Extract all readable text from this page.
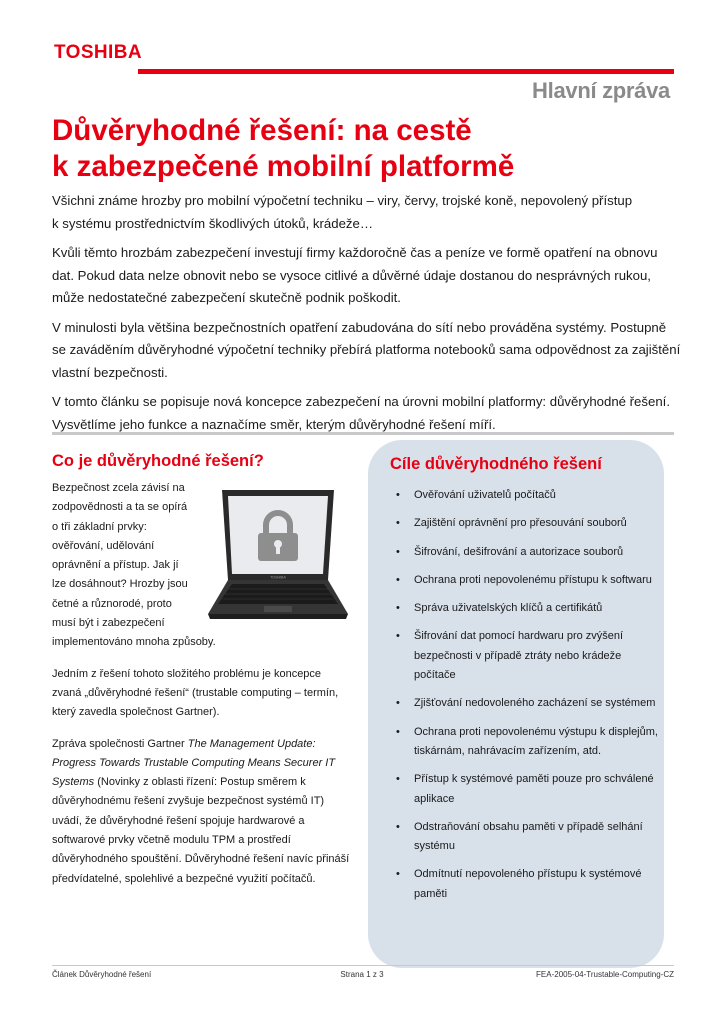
TOSHIBA
Hlavní zpráva
Důvěryhodné řešení: na cestě
k zabezpečené mobilní platformě

Všichni známe hrozby pro mobilní výpočetní techniku – viry, červy, trojské koně, nepovolený přístup
k systému prostřednictvím škodlivých útoků, krádeže…

Kvůli těmto hrozbám zabezpečení investují firmy každoročně čas a peníze ve formě opatření na obnovu dat. Pokud data nelze obnovit nebo se vysoce citlivé a důvěrné údaje dostanou do nesprávných rukou, může nedostatečné zabezpečení skutečně podnik poškodit.

V minulosti byla většina bezpečnostních opatření zabudována do sítí nebo prováděna systémy. Postupně se zaváděním důvěryhodné výpočetní techniky přebírá platforma notebooků sama odpovědnost za zajištění vlastní bezpečnosti.

V tomto článku se popisuje nová koncepce zabezpečení na úrovni mobilní platformy: důvěryhodné řešení. Vysvětlíme jeho funkce a naznačíme směr, kterým důvěryhodné řešení míří.

Co je důvěryhodné řešení?

Bezpečnost zcela závisí na zodpovědnosti a ta se opírá o tři základní prvky: ověřování, udělování oprávnění a přístup. Jak jí lze dosáhnout? Hrozby jsou četné a různorodé, proto musí být i zabezpečení

implementováno mnoha způsoby.

Jedním z řešení tohoto složitého problému je koncepce zvaná „důvěryhodné řešení“ (trustable computing – termín, který zavedla společnost Gartner).

Zpráva společnosti Gartner The Management Update: Progress Towards Trustable Computing Means Securer IT Systems (Novinky z oblasti řízení: Postup směrem k důvěryhodnému řešení zvyšuje bezpečnost systémů IT) uvádí, že důvěryhodné řešení spojuje hardwarové a softwarové prvky včetně modulu TPM a prostředí důvěryhodného spouštění. Důvěryhodné řešení navíc přináší předvídatelné, spolehlivé a bezpečné využití počítačů.

TOSHIBA
Cíle důvěryhodného řešení
• Ověřování uživatelů počítačů
• Zajištění oprávnění pro přesouvání souborů
• Šifrování, dešifrování a autorizace souborů
• Ochrana proti nepovolenému přístupu k softwaru
• Správa uživatelských klíčů a certifikátů
• Šifrování dat pomocí hardwaru pro zvýšení bezpečnosti v případě ztráty nebo krádeže počítače
• Zjišťování nedovoleného zacházení se systémem
• Ochrana proti nepovolenému výstupu k displejům, tiskárnám, nahrávacím zařízením, atd.
• Přístup k systémové paměti pouze pro schválené aplikace
• Odstraňování obsahu paměti v případě selhání systému
• Odmítnutí nepovoleného přístupu k systémové paměti
Článek Důvěryhodné řešení	Strana 1 z 3	FEA-2005-04-Trustable-Computing-CZ
